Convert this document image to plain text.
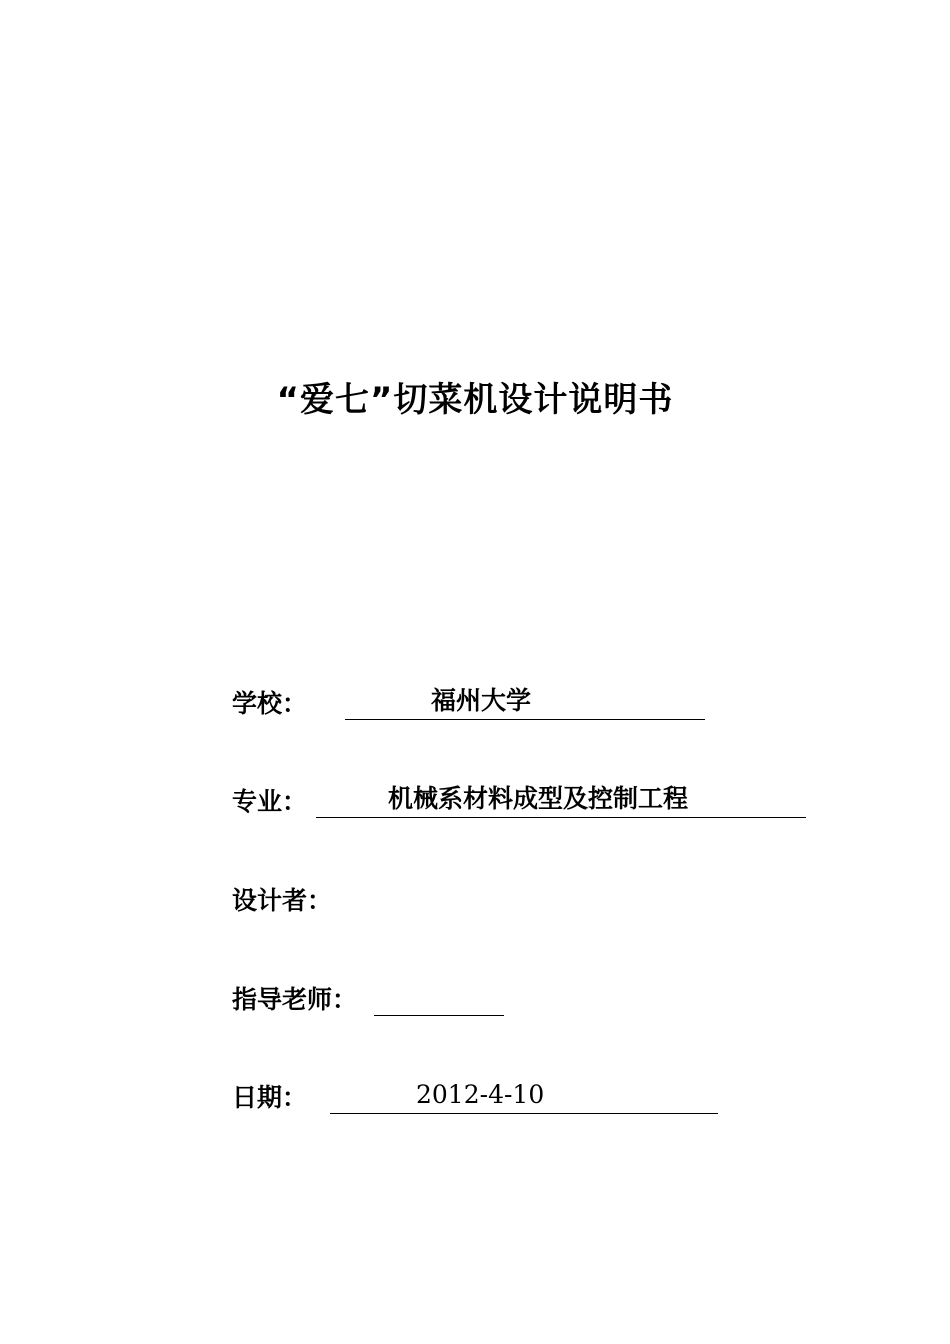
“爱七”切菜机设计说明书
学校：	福州大学
专业：	机械系材料成型及控制工程
设计者：
指导老师：
日期：	2012-4-10
